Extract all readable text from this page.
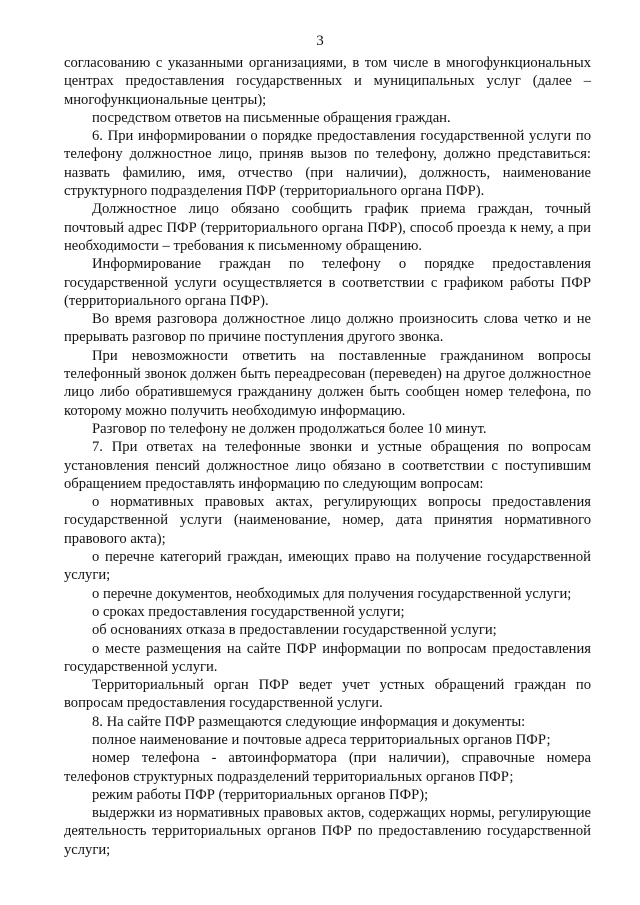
3

согласованию с указанными организациями, в том числе в многофункциональных центрах предоставления государственных и муниципальных услуг (далее – многофункциональные центры);

посредством ответов на письменные обращения граждан.

6. При информировании о порядке предоставления государственной услуги по телефону должностное лицо, приняв вызов по телефону, должно представиться: назвать фамилию, имя, отчество (при наличии), должность, наименование структурного подразделения ПФР (территориального органа ПФР).

Должностное лицо обязано сообщить график приема граждан, точный почтовый адрес ПФР (территориального органа ПФР), способ проезда к нему, а при необходимости – требования к письменному обращению.

Информирование граждан по телефону о порядке предоставления государственной услуги осуществляется в соответствии с графиком работы ПФР (территориального органа ПФР).

Во время разговора должностное лицо должно произносить слова четко и не прерывать разговор по причине поступления другого звонка.

При невозможности ответить на поставленные гражданином вопросы телефонный звонок должен быть переадресован (переведен) на другое должностное лицо либо обратившемуся гражданину должен быть сообщен номер телефона, по которому можно получить необходимую информацию.

Разговор по телефону не должен продолжаться более 10 минут.

7. При ответах на телефонные звонки и устные обращения по вопросам установления пенсий должностное лицо обязано в соответствии с поступившим обращением предоставлять информацию по следующим вопросам:

о нормативных правовых актах, регулирующих вопросы предоставления государственной услуги (наименование, номер, дата принятия нормативного правового акта);

о перечне категорий граждан, имеющих право на получение государственной услуги;

о перечне документов, необходимых для получения государственной услуги;

о сроках предоставления государственной услуги;

об основаниях отказа в предоставлении государственной услуги;

о месте размещения на сайте ПФР информации по вопросам предоставления государственной услуги.

Территориальный орган ПФР ведет учет устных обращений граждан по вопросам предоставления государственной услуги.

8. На сайте ПФР размещаются следующие информация и документы:

полное наименование и почтовые адреса территориальных органов ПФР;

номер телефона - автоинформатора (при наличии), справочные номера телефонов структурных подразделений территориальных органов ПФР;

режим работы ПФР (территориальных органов ПФР);

выдержки из нормативных правовых актов, содержащих нормы, регулирующие деятельность территориальных органов ПФР по предоставлению государственной услуги;
